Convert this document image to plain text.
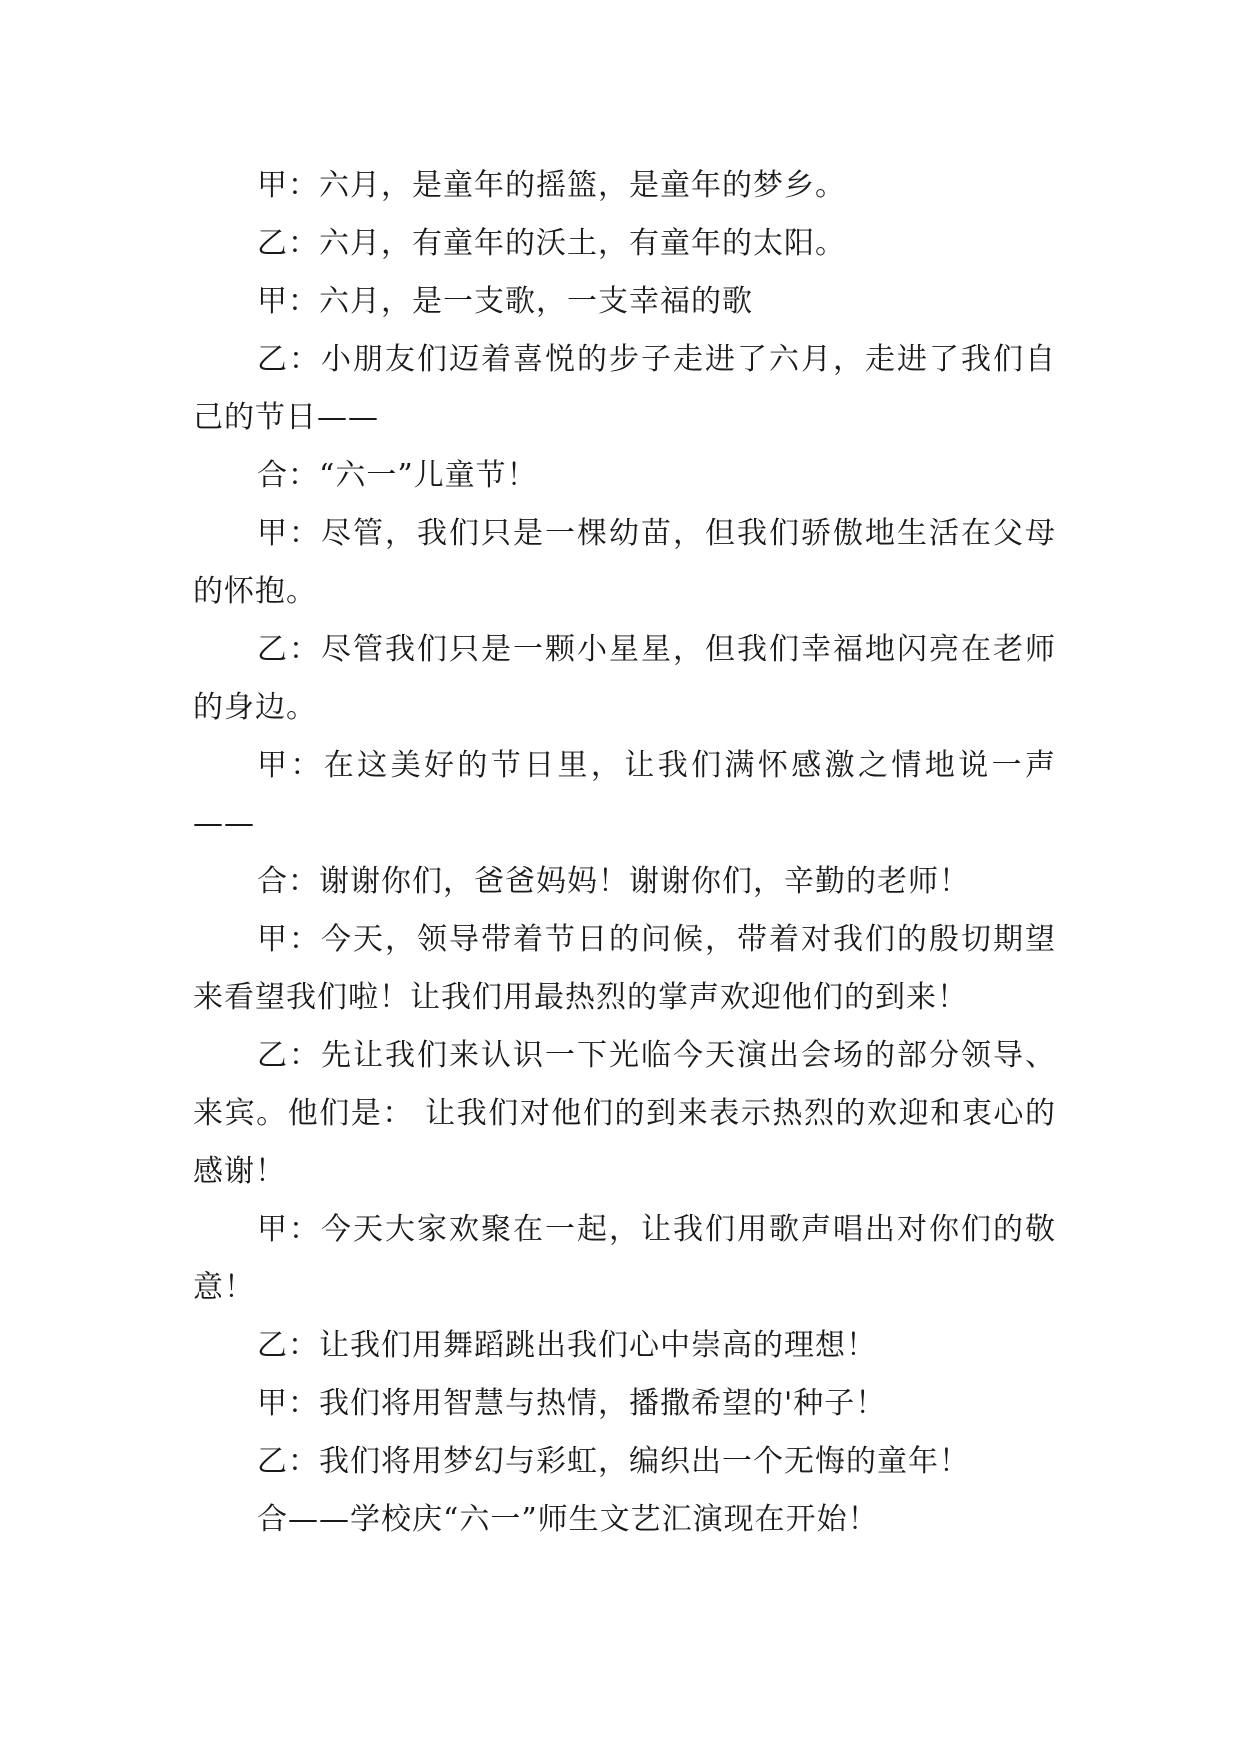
甲：六月，是童年的摇篮，是童年的梦乡。

乙：六月，有童年的沃土，有童年的太阳。

甲：六月，是一支歌，一支幸福的歌

乙：小朋友们迈着喜悦的步子走进了六月，走进了我们自己的节日——

合：“六一”儿童节！

甲：尽管，我们只是一棵幼苗，但我们骄傲地生活在父母的怀抱。

乙：尽管我们只是一颗小星星，但我们幸福地闪亮在老师的身边。

甲：在这美好的节日里，让我们满怀感激之情地说一声——

合：谢谢你们，爸爸妈妈！谢谢你们，辛勤的老师！

甲：今天，领导带着节日的问候，带着对我们的殷切期望来看望我们啦！让我们用最热烈的掌声欢迎他们的到来！

乙：先让我们来认识一下光临今天演出会场的部分领导、来宾。他们是： 让我们对他们的到来表示热烈的欢迎和衷心的感谢！

甲：今天大家欢聚在一起，让我们用歌声唱出对你们的敬意！

乙：让我们用舞蹈跳出我们心中崇高的理想！

甲：我们将用智慧与热情，播撒希望的'种子！

乙：我们将用梦幻与彩虹，编织出一个无悔的童年！

合——学校庆“六一”师生文艺汇演现在开始！
